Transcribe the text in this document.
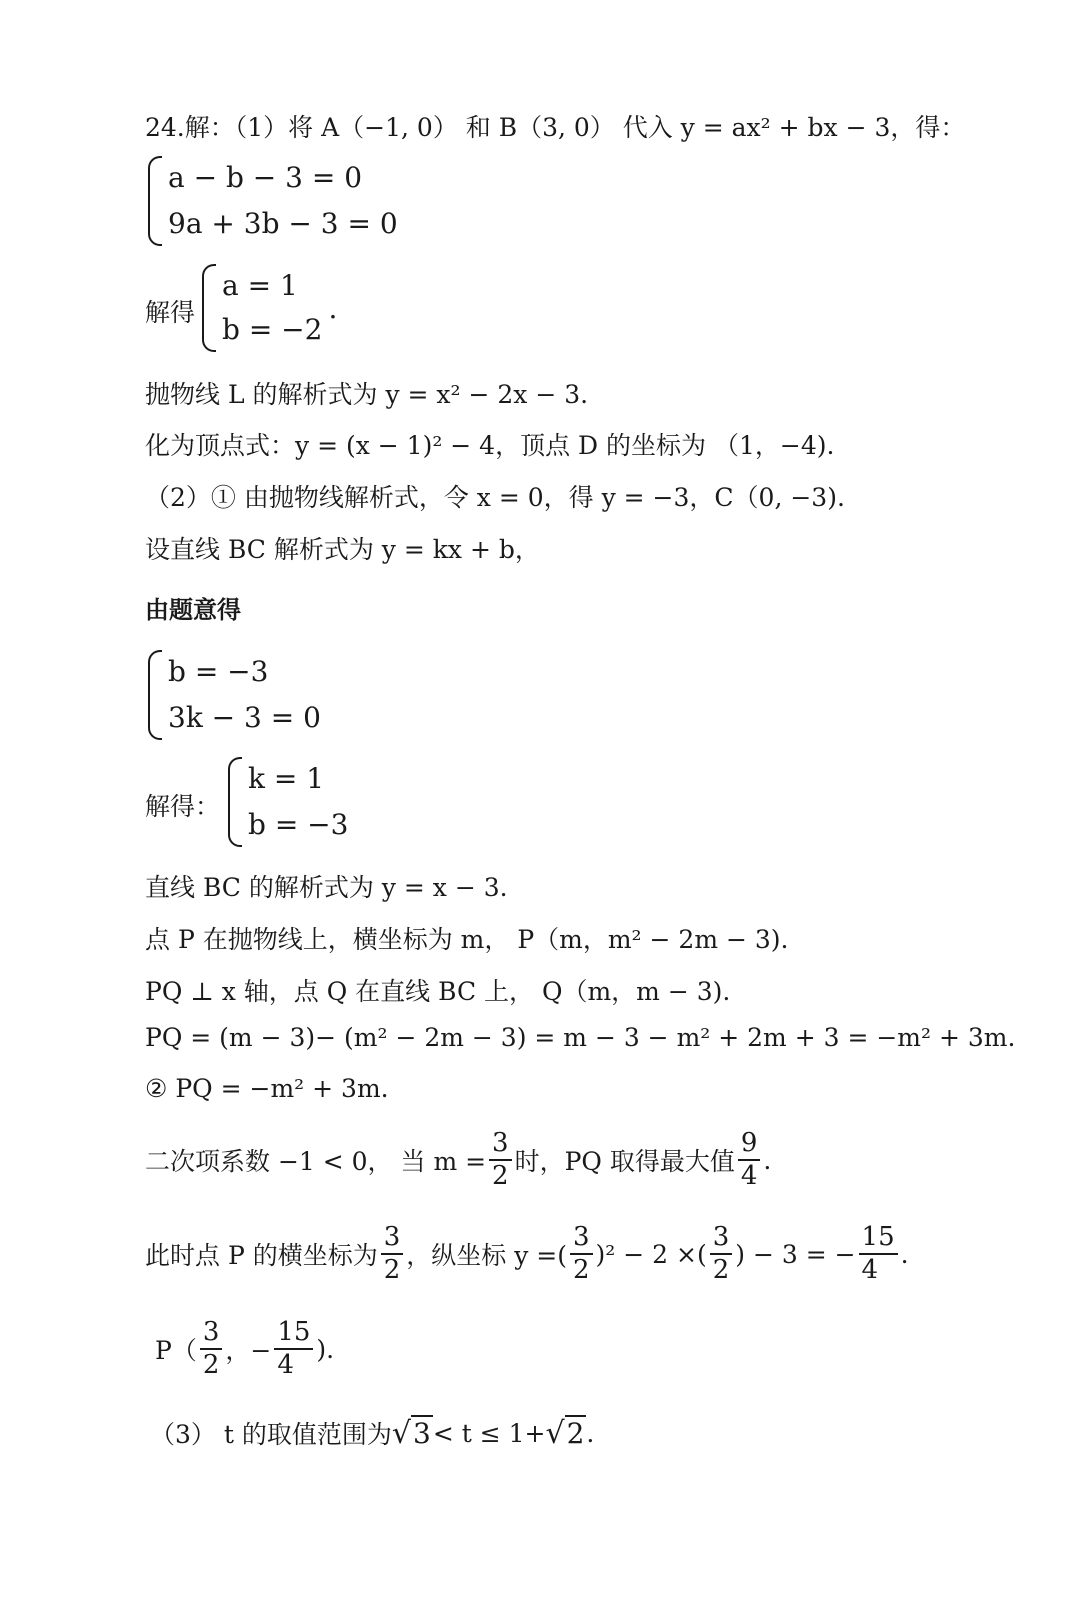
24.解：（1）将 A（−1, 0） 和 B（3, 0） 代入 y = ax² + bx − 3，得：
a − b − 3 = 0
9a + 3b − 3 = 0
解得
a = 1
b = −2
.
抛物线 L 的解析式为 y = x² − 2x − 3.
化为顶点式：y = (x − 1)² − 4，顶点 D 的坐标为 （1，−4).
（2）① 由抛物线解析式，令 x = 0，得 y = −3，C（0, −3).
设直线 BC 解析式为 y = kx + b，
由题意得
b = −3
3k − 3 = 0
解得：
k = 1
b = −3
直线 BC 的解析式为 y = x − 3.
点 P 在抛物线上，横坐标为 m， P（m，m² − 2m − 3).
PQ ⊥ x 轴，点 Q 在直线 BC 上， Q（m，m − 3).
PQ = (m − 3)− (m² − 2m − 3) = m − 3 − m² + 2m + 3 = −m² + 3m.
② PQ = −m² + 3m.
二次项系数 −1 < 0， 当 $m = \frac{3}{2}$ 时，PQ 取得最大值 $\frac{9}{4}$ .
此时点 P 的横坐标为 $\frac{3}{2}$ ，纵坐标 y =( $\frac{3}{2} )^2 - 2$ ×( $\frac{3}{2}$ ) − 3 = − $\frac{15}{4}$ .
$P( \frac{3}{2}$ ，− $\frac{15}{4}$ ).
（3） t 的取值范围为 √3 < t ≤ 1+ √2 .
